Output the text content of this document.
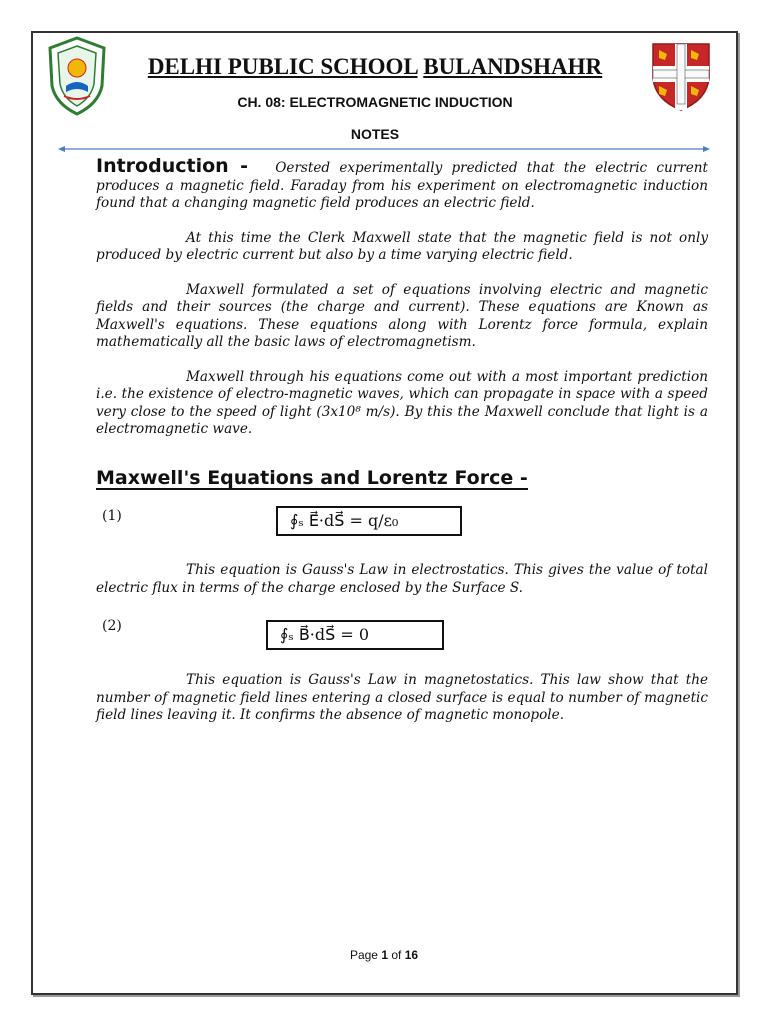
DELHI PUBLIC SCHOOL BULANDSHAHR
CH. 08: ELECTROMAGNETIC INDUCTION
NOTES

Introduction - Oersted experimentally predicted that the electric current produces a magnetic field. Faraday from his experiment on electromagnetic induction found that a changing magnetic field produces an electric field.

At this time the Clerk Maxwell state that the magnetic field is not only produced by electric current but also by a time varying electric field.

Maxwell formulated a set of equations involving electric and magnetic fields and their sources (the charge and current). These equations are Known as Maxwell's equations. These equations along with Lorentz force formula, explain mathematically all the basic laws of electromagnetism.

Maxwell through his equations come out with a most important prediction i.e. the existence of electro-magnetic waves, which can propagate in space with a speed very close to the speed of light (3x10⁸ m/s). By this the Maxwell conclude that light is a electromagnetic wave.

Maxwell's Equations and Lorentz Force -
(1)	∮ₛ E⃗·dS⃗ = q/ε₀

This equation is Gauss's Law in electrostatics. This gives the value of total electric flux in terms of the charge enclosed by the Surface S.

(2)	∮ₛ B⃗·dS⃗ = 0

This equation is Gauss's Law in magnetostatics. This law show that the number of magnetic field lines entering a closed surface is equal to number of magnetic field lines leaving it. It confirms the absence of magnetic monopole.

Page 1 of 16
